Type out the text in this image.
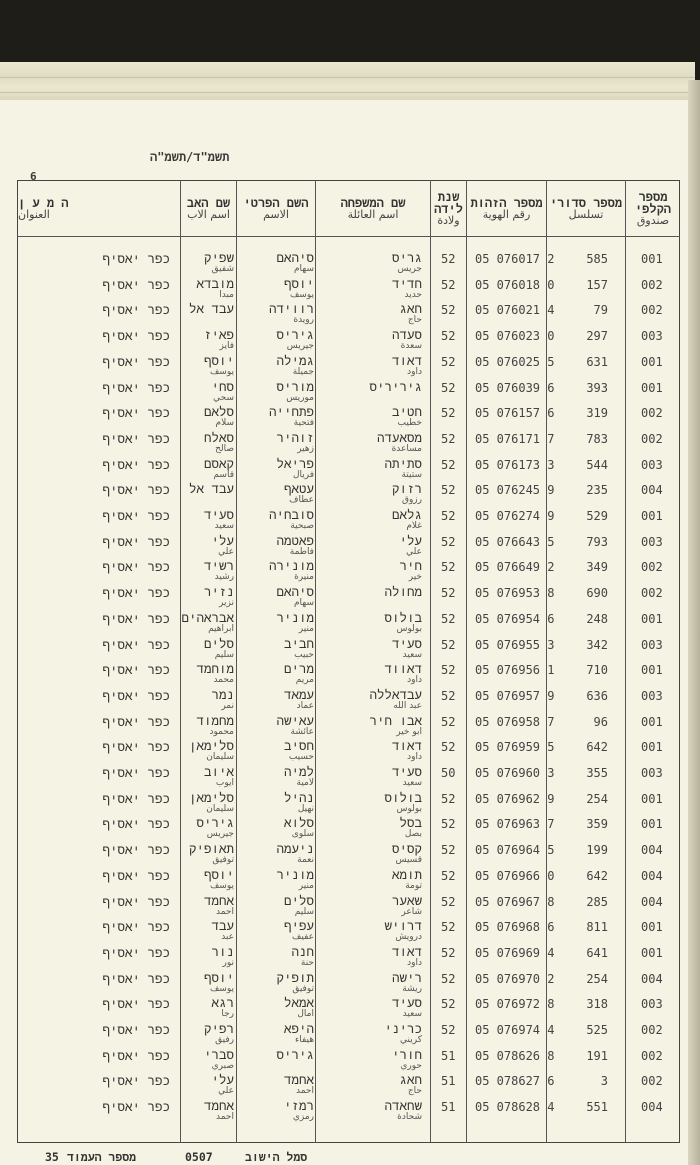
תשמ"ד/תשמ"ה
6
מספר הקלפי
صندوق
מספר סדורי
تسلسل
מספר הזהות
رقم الهوية
שנת לידה
ولادة
שם המשפחה
اسم العائلة
השם הפרטי
الاسم
שם האב
اسم الاب
ה מ ע ן
العنوان
001
585
05 076017 2
52
גריס
جريس
סיהאם
سهام
שפיק
شفيق
כפר יאסיף
002
157
05 076018 0
52
חדיד
حديد
יוסף
يوسف
מובדא
مبدا
כפר יאסיף
002
79
05 076021 4
52
חאג
حاج
רווידה
رويدة
עבד אל
כפר יאסיף
003
297
05 076023 0
52
סעדה
سعدة
גיריס
جيريس
פאיז
فايز
כפר יאסיף
001
631
05 076025 5
52
דאוד
داود
גמילה
جميلة
יוסף
يوسف
כפר יאסיף
001
393
05 076039 6
52
גיריריס
מוריס
موريس
סחי
سحي
כפר יאסיף
002
319
05 076157 6
52
חטיב
خطيب
פתחייה
فتحية
סלאם
سلام
כפר יאסיף
002
783
05 076171 7
52
מסאעדה
مساعدة
זוהיר
زهير
סאלח
صالح
כפר יאסיף
003
544
05 076173 3
52
סתיתה
ستيتة
פריאל
فريال
קאסם
قاسم
כפר יאסיף
004
235
05 076245 9
52
רזוק
رزوق
עטאף
عطاف
עבד אל
כפר יאסיף
001
529
05 076274 9
52
גלאם
غلام
סובחיה
صبحية
סעיד
سعيد
כפר יאסיף
003
793
05 076643 5
52
עלי
علي
פאטמה
فاطمة
עלי
علي
כפר יאסיף
002
349
05 076649 2
52
חיר
خير
מונירה
منيرة
רשיד
رشيد
כפר יאסיף
002
690
05 076953 8
52
מחולה
סיהאם
سهام
נזיר
نزير
כפר יאסיף
001
248
05 076954 6
52
בולוס
بولوس
מוניר
منير
אבראהים
ابراهيم
כפר יאסיף
003
342
05 076955 3
52
סעיד
سعيد
חביב
حبيب
סלים
سليم
כפר יאסיף
001
710
05 076956 1
52
דאווד
داود
מרים
مريم
מוחמד
محمد
כפר יאסיף
003
636
05 076957 9
52
עבדאללה
عبد الله
עמאד
عماد
נמר
نمر
כפר יאסיף
001
96
05 076958 7
52
אבו חיר
ابو خير
עאישה
عائشة
מחמוד
محمود
כפר יאסיף
001
642
05 076959 5
52
דאוד
داود
חסיב
حسيب
סלימאן
سليمان
כפר יאסיף
003
355
05 076960 3
50
סעיד
سعيد
למיה
لامية
איוב
ايوب
כפר יאסיף
001
254
05 076962 9
52
בולוס
بولوس
נהיל
نهيل
סלימאן
سليمان
כפר יאסיף
001
359
05 076963 7
52
בסל
بصل
סלוא
سلوى
גיריס
جيريس
כפר יאסיף
004
199
05 076964 5
52
קסיס
قسيس
ניעמה
نعمة
תאופיק
توفيق
כפר יאסיף
004
642
05 076966 0
52
תומא
تومة
מוניר
منير
יוסף
يوسف
כפר יאסיף
004
285
05 076967 8
52
שאער
شاعر
סלים
سليم
אחמד
احمد
כפר יאסיף
001
811
05 076968 6
52
דרויש
درويش
עפיף
عفيف
עבד
عبد
כפר יאסיף
001
641
05 076969 4
52
דאוד
داود
חנה
حنة
נור
نور
כפר יאסיף
004
254
05 076970 2
52
רישה
ريشة
תופיק
توفيق
יוסף
يوسف
כפר יאסיף
003
318
05 076972 8
52
סעיד
سعيد
אמאל
امال
רגא
رجا
כפר יאסיף
002
525
05 076974 4
52
כריני
كريني
היפא
هيفاء
רפיק
رفيق
כפר יאסיף
002
191
05 078626 8
51
חורי
حوري
גיריס
סברי
صبري
כפר יאסיף
002
3
05 078627 6
51
חאג
حاج
אחמד
احمد
עלי
علي
כפר יאסיף
004
551
05 078628 4
51
שחאדה
شحادة
רמזי
رمزي
אחמד
احمد
כפר יאסיף
35 מספר העמוד	0507	סמל הישוב
